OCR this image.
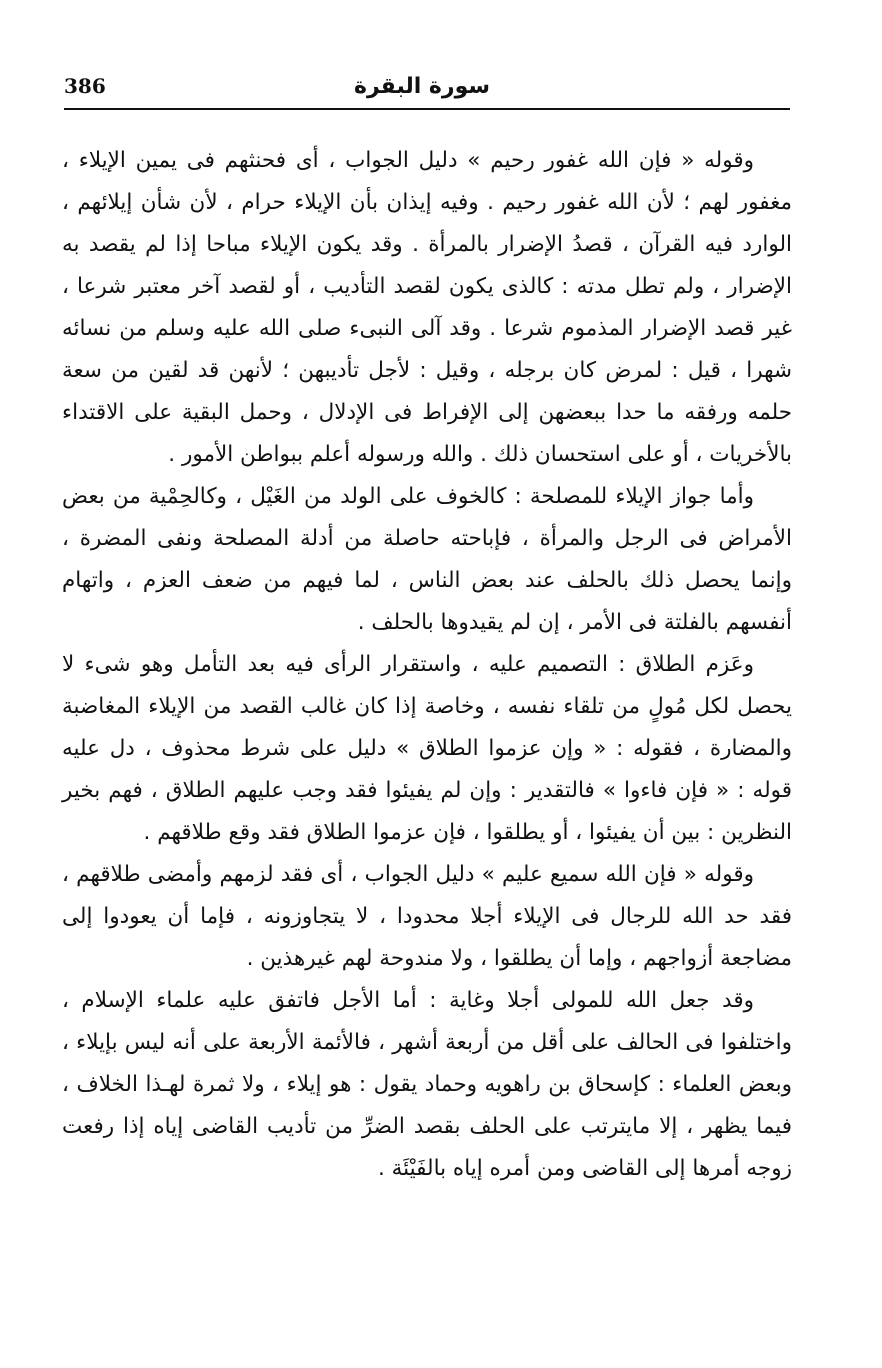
386	سورة البقرة

وقوله « فإن الله غفور رحيم » دليل الجواب ، أى فحنثهم فى يمين الإيلاء ، مغفور لهم ؛ لأن الله غفور رحيم . وفيه إيذان بأن الإيلاء حرام ، لأن شأن إيلائهم ، الوارد فيه القرآن ، قصدُ الإضرار بالمرأة . وقد يكون الإيلاء مباحا إذا لم يقصد به الإضرار ، ولم تطل مدته : كالذى يكون لقصد التأديب ، أو لقصد آخر معتبر شرعا ، غير قصد الإضرار المذموم شرعا . وقد آلى النبىء صلى الله عليه وسلم من نسائه شهرا ، قيل : لمرض كان برجله ، وقيل : لأجل تأديبهن ؛ لأنهن قد لقين من سعة حلمه ورفقه ما حدا ببعضهن إلى الإفراط فى الإدلال ، وحمل البقية على الاقتداء بالأخريات ، أو على استحسان ذلك . والله ورسوله أعلم ببواطن الأمور .

وأما جواز الإيلاء للمصلحة : كالخوف على الولد من الغَيْل ، وكالحِمْية من بعض الأمراض فى الرجل والمرأة ، فإباحته حاصلة من أدلة المصلحة ونفى المضرة ، وإنما يحصل ذلك بالحلف عند بعض الناس ، لما فيهم من ضعف العزم ، واتهام أنفسهم بالفلتة فى الأمر ، إن لم يقيدوها بالحلف .

وعَزم الطلاق : التصميم عليه ، واستقرار الرأى فيه بعد التأمل وهو شىء لا يحصل لكل مُولٍ من تلقاء نفسه ، وخاصة إذا كان غالب القصد من الإيلاء المغاضبة والمضارة ، فقوله : « وإن عزموا الطلاق » دليل على شرط محذوف ، دل عليه قوله : « فإن فاءوا » فالتقدير : وإن لم يفيئوا فقد وجب عليهم الطلاق ، فهم بخير النظرين : بين أن يفيئوا ، أو يطلقوا ، فإن عزموا الطلاق فقد وقع طلاقهم .

وقوله « فإن الله سميع عليم » دليل الجواب ، أى فقد لزمهم وأمضى طلاقهم ، فقد حد الله للرجال فى الإيلاء أجلا محدودا ، لا يتجاوزونه ، فإما أن يعودوا إلى مضاجعة أزواجهم ، وإما أن يطلقوا ، ولا مندوحة لهم غيرهذين .

وقد جعل الله للمولى أجلا وغاية : أما الأجل فاتفق عليه علماء الإسلام ، واختلفوا فى الحالف على أقل من أربعة أشهر ، فالأئمة الأربعة على أنه ليس بإيلاء ، وبعض العلماء : كإسحاق بن راهويه وحماد يقول : هو إيلاء ، ولا ثمرة لهـذا الخلاف ، فيما يظهر ، إلا مايترتب على الحلف بقصد الضرِّ من تأديب القاضى إياه إذا رفعت زوجه أمرها إلى القاضى ومن أمره إياه بالفَيْئَة .
